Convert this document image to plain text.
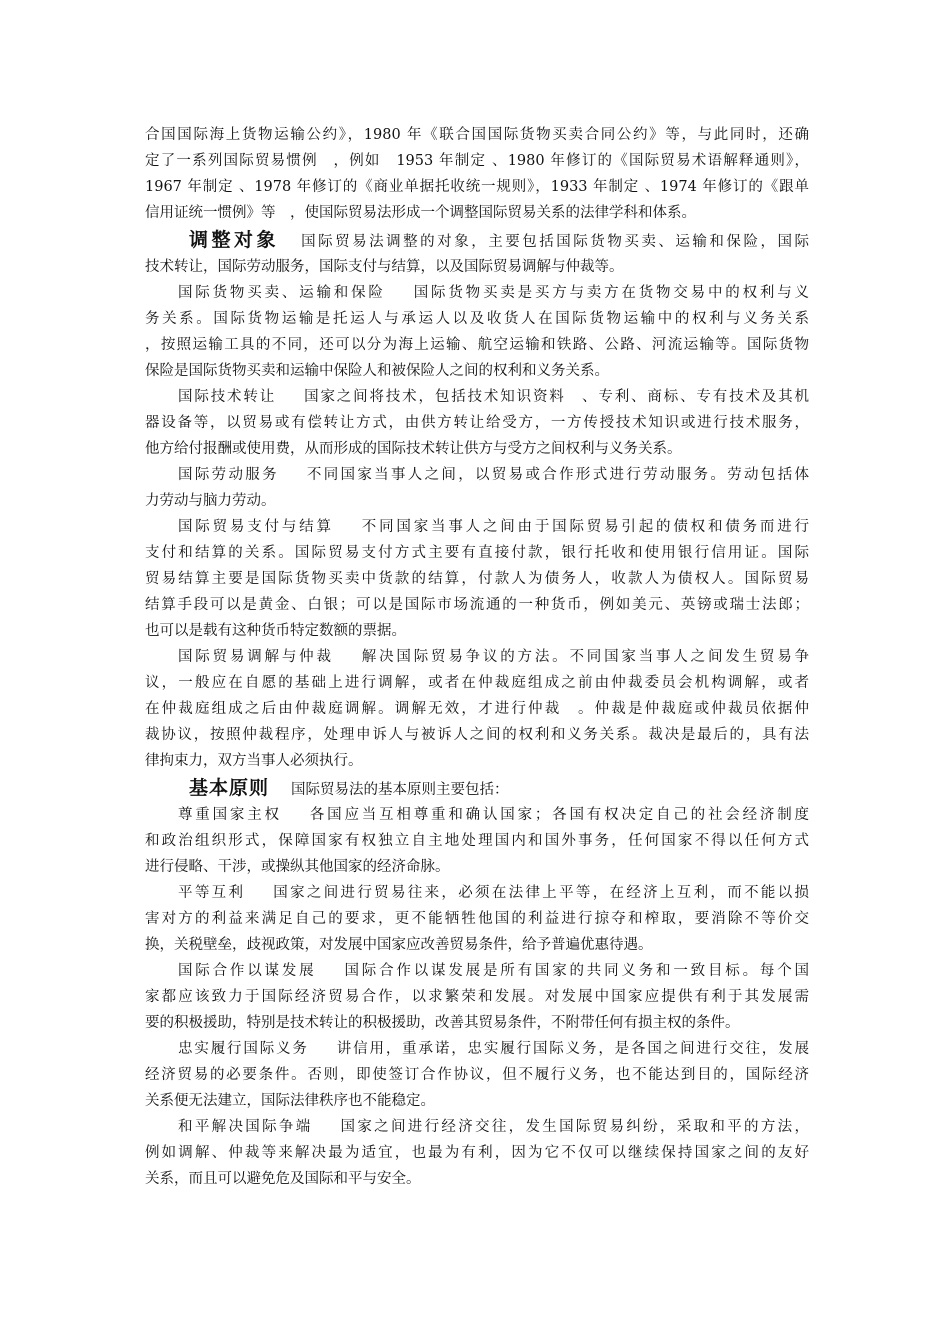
合国国际海上货物运输公约》，1980 年《联合国国际货物买卖合同公约》等，与此同时，还确
定了一系列国际贸易惯例　，例如　1953 年制定 、1980 年修订的《国际贸易术语解释通则》，
1967 年制定 、1978 年修订的《商业单据托收统一规则》，1933 年制定 、1974 年修订的《跟单
信用证统一惯例》等　，使国际贸易法形成一个调整国际贸易关系的法律学科和体系。
调整对象 国际贸易法调整的对象，主要包括国际货物买卖、运输和保险，国际
技术转让，国际劳动服务，国际支付与结算，以及国际贸易调解与仲裁等。
国际货物买卖、运输和保险 国际货物买卖是买方与卖方在货物交易中的权利与义
务关系。国际货物运输是托运人与承运人以及收货人在国际货物运输中的权利与义务关系
，按照运输工具的不同，还可以分为海上运输、航空运输和铁路、公路、河流运输等。国际货物
保险是国际货物买卖和运输中保险人和被保险人之间的权利和义务关系。
国际技术转让 国家之间将技术，包括技术知识资料　、专利、商标、专有技术及其机
器设备等，以贸易或有偿转让方式，由供方转让给受方，一方传授技术知识或进行技术服务，
他方给付报酬或使用费，从而形成的国际技术转让供方与受方之间权利与义务关系。
国际劳动服务 不同国家当事人之间，以贸易或合作形式进行劳动服务。劳动包括体
力劳动与脑力劳动。
国际贸易支付与结算 不同国家当事人之间由于国际贸易引起的债权和债务而进行
支付和结算的关系。国际贸易支付方式主要有直接付款，银行托收和使用银行信用证。国际
贸易结算主要是国际货物买卖中货款的结算，付款人为债务人，收款人为债权人。国际贸易
结算手段可以是黄金、白银；可以是国际市场流通的一种货币，例如美元、英镑或瑞士法郎；
也可以是载有这种货币特定数额的票据。
国际贸易调解与仲裁 解决国际贸易争议的方法。不同国家当事人之间发生贸易争
议，一般应在自愿的基础上进行调解，或者在仲裁庭组成之前由仲裁委员会机构调解，或者
在仲裁庭组成之后由仲裁庭调解。调解无效，才进行仲裁　。仲裁是仲裁庭或仲裁员依据仲
裁协议，按照仲裁程序，处理申诉人与被诉人之间的权利和义务关系。裁决是最后的，具有法
律拘束力，双方当事人必须执行。
基本原则 国际贸易法的基本原则主要包括：
尊重国家主权 各国应当互相尊重和确认国家；各国有权决定自己的社会经济制度
和政治组织形式，保障国家有权独立自主地处理国内和国外事务，任何国家不得以任何方式
进行侵略、干涉，或操纵其他国家的经济命脉。
平等互利 国家之间进行贸易往来，必须在法律上平等，在经济上互利，而不能以损
害对方的利益来满足自己的要求，更不能牺牲他国的利益进行掠夺和榨取，要消除不等价交
换，关税壁垒，歧视政策，对发展中国家应改善贸易条件，给予普遍优惠待遇。
国际合作以谋发展 国际合作以谋发展是所有国家的共同义务和一致目标。每个国
家都应该致力于国际经济贸易合作，以求繁荣和发展。对发展中国家应提供有利于其发展需
要的积极援助，特别是技术转让的积极援助，改善其贸易条件，不附带任何有损主权的条件。
忠实履行国际义务 讲信用，重承诺，忠实履行国际义务，是各国之间进行交往，发展
经济贸易的必要条件。否则，即使签订合作协议，但不履行义务，也不能达到目的，国际经济
关系便无法建立，国际法律秩序也不能稳定。
和平解决国际争端 国家之间进行经济交往，发生国际贸易纠纷，采取和平的方法，
例如调解、仲裁等来解决最为适宜，也最为有利，因为它不仅可以继续保持国家之间的友好
关系，而且可以避免危及国际和平与安全。
